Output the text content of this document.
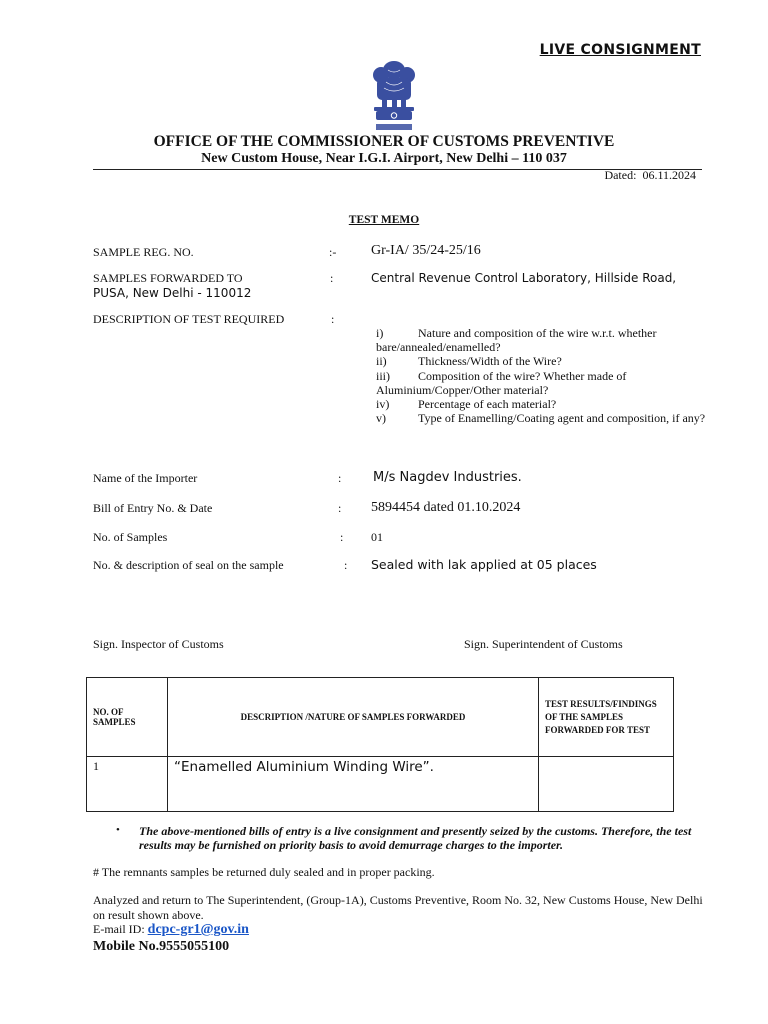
LIVE CONSIGNMENT
OFFICE OF THE COMMISSIONER OF CUSTOMS PREVENTIVE
New Custom House, Near I.G.I. Airport, New Delhi – 110 037
Dated: 06.11.2024
TEST MEMO
SAMPLE REG. NO.	:- Gr-IA/ 35/24-25/16
SAMPLES FORWARDED TO	:	Central Revenue Control Laboratory, Hillside Road,
PUSA, New Delhi - 110012
DESCRIPTION OF TEST REQUIRED	:

i)	Nature and composition of the wire w.r.t. whether bare/annealed/enamelled?

ii)	Thickness/Width of the Wire?

iii) Composition of the wire? Whether made of Aluminium/Copper/Other material?

iv) Percentage of each material?

v)	Type of Enamelling/Coating agent and composition, if any?

Name of the Importer	: M/s Nagdev Industries.
Bill of Entry No. & Date	: 5894454 dated 01.10.2024
No. of Samples	: 01
No. & description of seal on the sample	: Sealed with lak applied at 05 places
Sign. Inspector of Customs	Sign. Superintendent of Customs
NO. OF SAMPLES	DESCRIPTION /NATURE OF SAMPLES FORWARDED	TEST RESULTS/FINDINGS OF THE SAMPLES FORWARDED FOR TEST
1	“Enamelled Aluminium Winding Wire”.	
•	The above-mentioned bills of entry is a live consignment and presently seized by the customs. Therefore, the test results may be furnished on priority basis to avoid demurrage charges to the importer.
# The remnants samples be returned duly sealed and in proper packing.
Analyzed and return to The Superintendent, (Group-1A), Customs Preventive, Room No. 32, New Customs House, New Delhi on result shown above.
E-mail ID: dcpc-gr1@gov.in
Mobile No.9555055100
